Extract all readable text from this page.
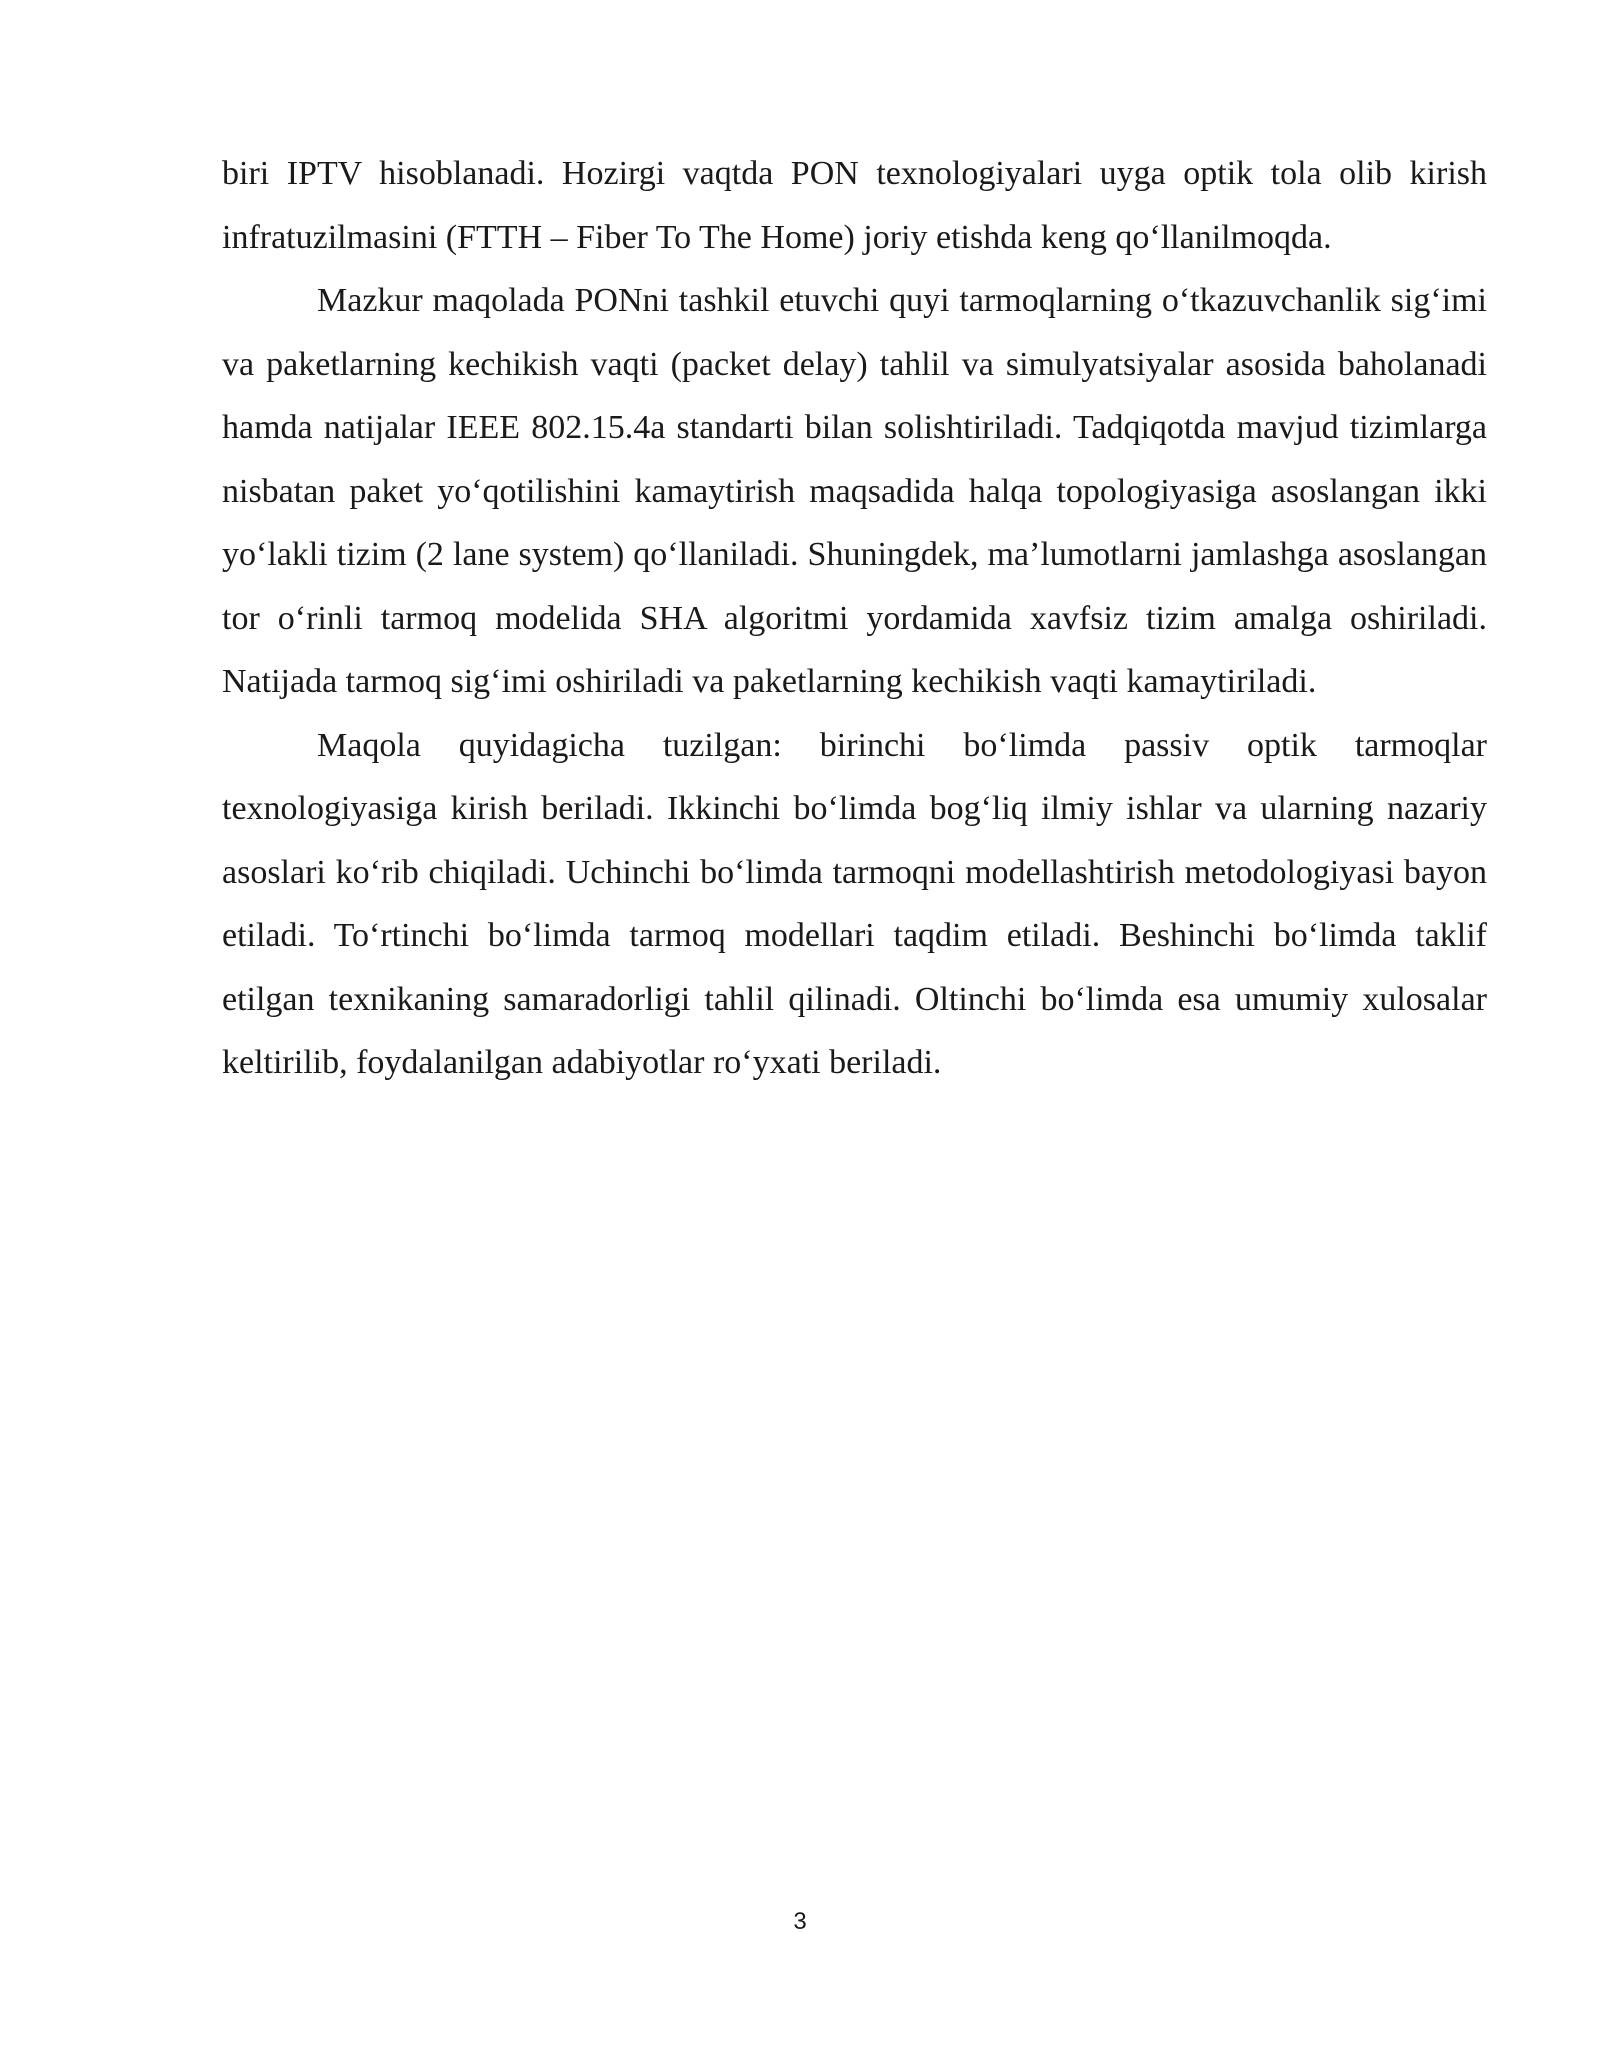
biri IPTV hisoblanadi. Hozirgi vaqtda PON texnologiyalari uyga optik tola olib kirish infratuzilmasini (FTTH – Fiber To The Home) joriy etishda keng qo‘llanilmoqda.

Mazkur maqolada PONni tashkil etuvchi quyi tarmoqlarning o‘tkazuvchanlik sig‘imi va paketlarning kechikish vaqti (packet delay) tahlil va simulyatsiyalar asosida baholanadi hamda natijalar IEEE 802.15.4a standarti bilan solishtiriladi. Tadqiqotda mavjud tizimlarga nisbatan paket yo‘qotilishini kamaytirish maqsadida halqa topologiyasiga asoslangan ikki yo‘lakli tizim (2 lane system) qo‘llaniladi. Shuningdek, ma’lumotlarni jamlashga asoslangan tor o‘rinli tarmoq modelida SHA algoritmi yordamida xavfsiz tizim amalga oshiriladi. Natijada tarmoq sig‘imi oshiriladi va paketlarning kechikish vaqti kamaytiriladi.

Maqola quyidagicha tuzilgan: birinchi bo‘limda passiv optik tarmoqlar texnologiyasiga kirish beriladi. Ikkinchi bo‘limda bog‘liq ilmiy ishlar va ularning nazariy asoslari ko‘rib chiqiladi. Uchinchi bo‘limda tarmoqni modellashtirish metodologiyasi bayon etiladi. To‘rtinchi bo‘limda tarmoq modellari taqdim etiladi. Beshinchi bo‘limda taklif etilgan texnikaning samaradorligi tahlil qilinadi. Oltinchi bo‘limda esa umumiy xulosalar keltirilib, foydalanilgan adabiyotlar ro‘yxati beriladi.

3
